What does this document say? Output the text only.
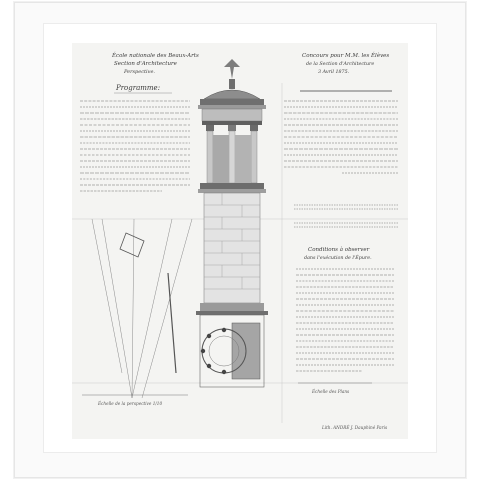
École nationale des Beaux-Arts
Section d'Architecture
Perspective.
Concours pour M.M. les Élèves
de la Section d'Architecture
3 Avril 1875.
Programme:
Conditions à observer
dans l'exécution de l'Épure.
Échelle de la perspective 1/10
Échelle des Plans
Lith. ANDRÉ J. Dauphiné Paris
